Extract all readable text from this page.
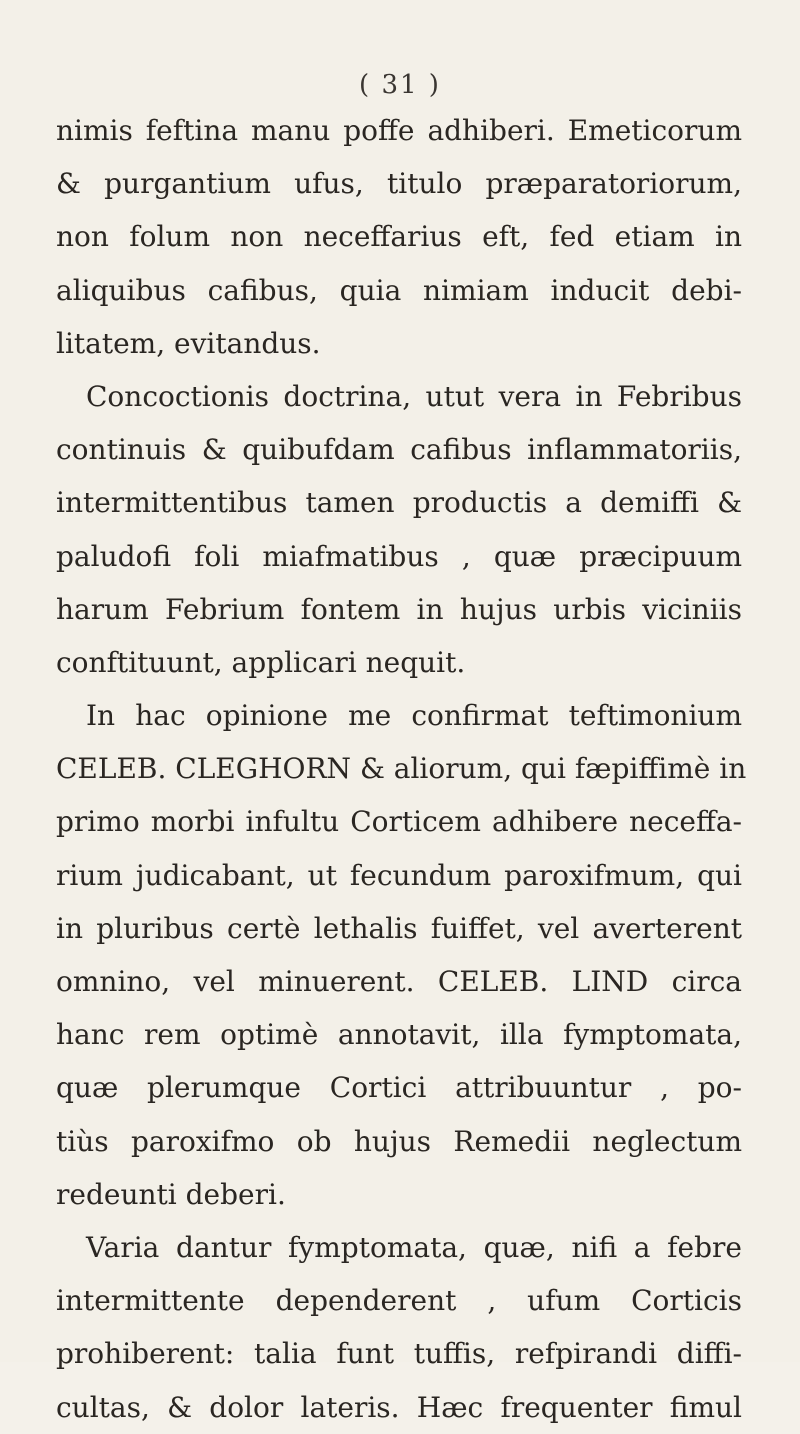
( 31 )
nimis feftina manu poffe adhiberi. Emeticorum
& purgantium ufus, titulo præparatoriorum,
non folum non neceffarius eft, fed etiam in
aliquibus cafibus, quia nimiam inducit debi-
litatem, evitandus.
Concoctionis doctrina, utut vera in Febribus
continuis & quibufdam cafibus inflammatoriis,
intermittentibus tamen productis a demiffi &
paludofi foli miafmatibus , quæ præcipuum
harum Febrium fontem in hujus urbis viciniis
conftituunt, applicari nequit.
In hac opinione me confirmat teftimonium
CELEB. CLEGHORN & aliorum, qui fæpiffimè in
primo morbi infultu Corticem adhibere neceffa-
rium judicabant, ut fecundum paroxifmum, qui
in pluribus certè lethalis fuiffet, vel averterent
omnino, vel minuerent. CELEB. LIND circa
hanc rem optimè annotavit, illa fymptomata,
quæ plerumque Cortici attribuuntur , po-
tiùs paroxifmo ob hujus Remedii neglectum
redeunti deberi.
Varia dantur fymptomata, quæ, nifi a febre
intermittente dependerent , ufum Corticis
prohiberent: talia funt tuffis, refpirandi diffi-
cultas, & dolor lateris. Hæc frequenter fimul
